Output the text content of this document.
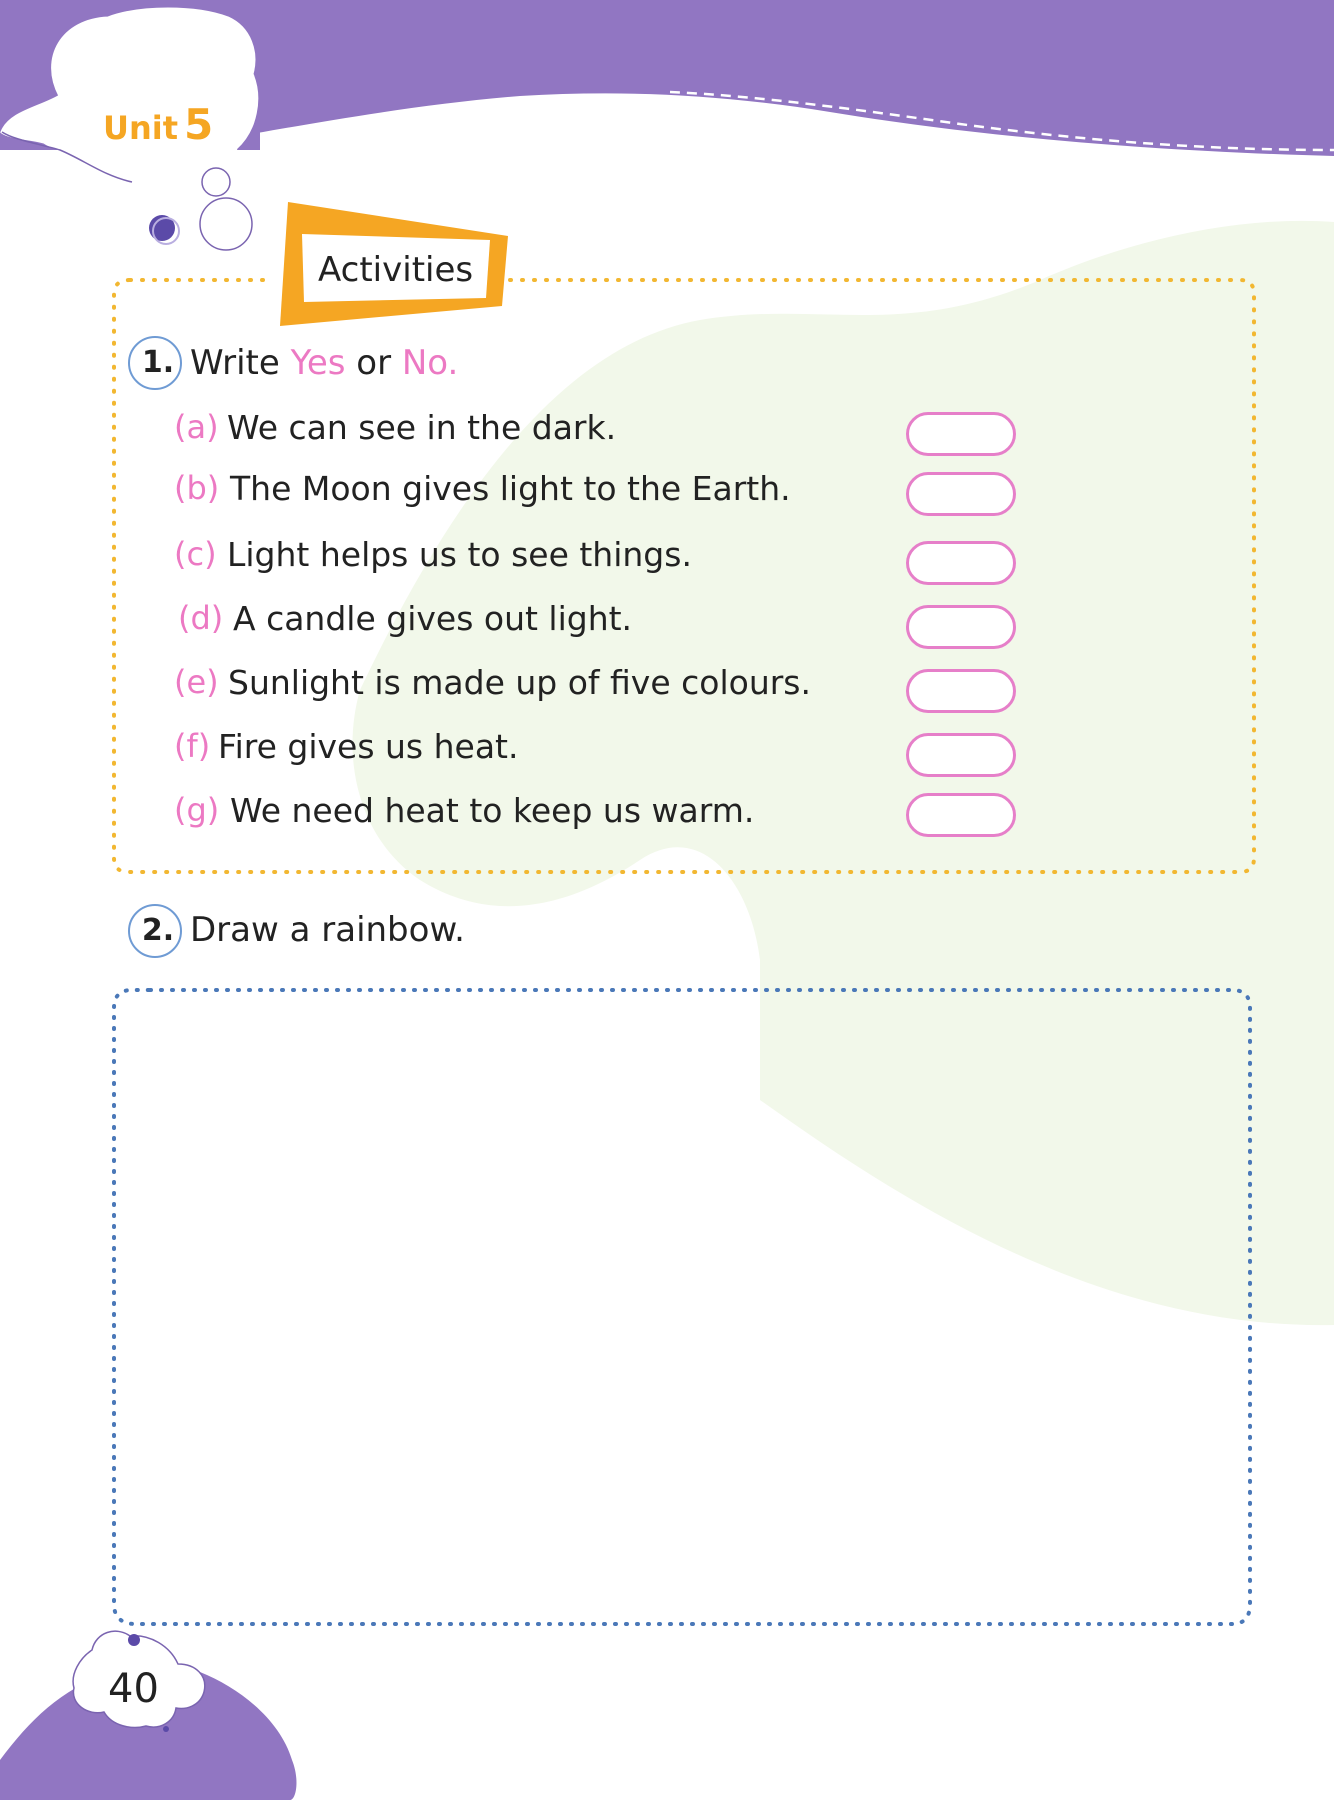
Unit 5
Activities
1. Write Yes or No.
(a) We can see in the dark.
(b) The Moon gives light to the Earth.
(c) Light helps us to see things.
(d) A candle gives out light.
(e) Sunlight is made up of five colours.
(f) Fire gives us heat.
(g) We need heat to keep us warm.
2. Draw a rainbow.
40
